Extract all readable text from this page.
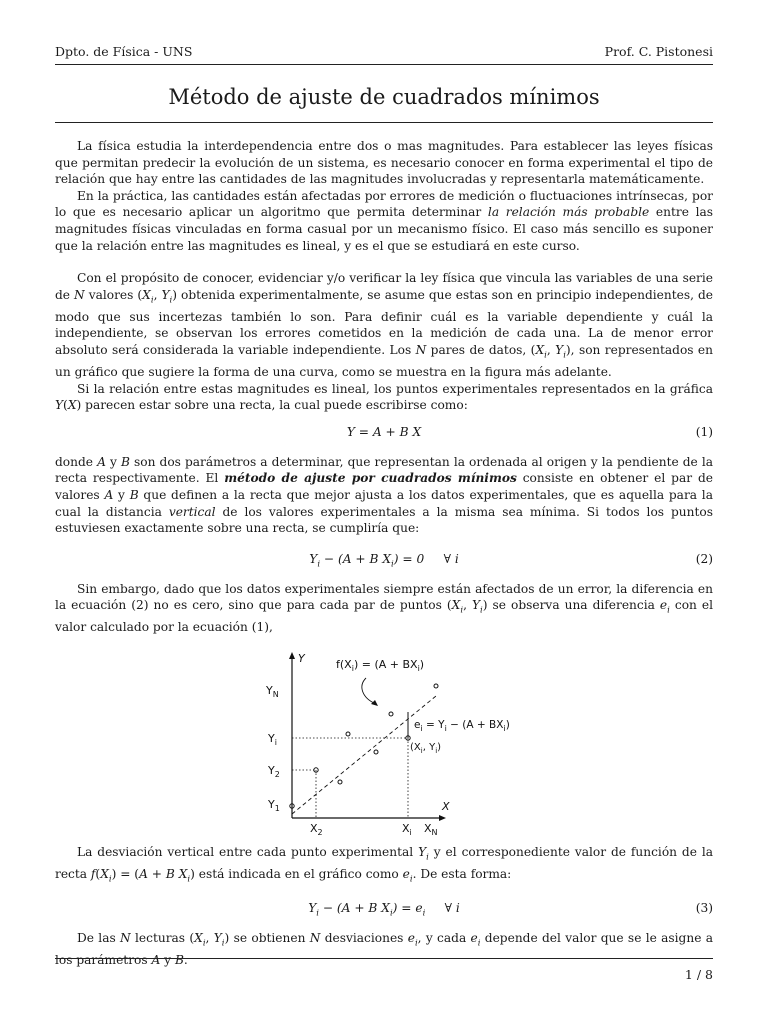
Dpto. de Física - UNS	Prof. C. Pistonesi
Método de ajuste de cuadrados mínimos

La física estudia la interdependencia entre dos o mas magnitudes. Para establecer las leyes físicas que permitan predecir la evolución de un sistema, es necesario conocer en forma experimental el tipo de relación que hay entre las cantidades de las magnitudes involucradas y representarla matemáticamente.

En la práctica, las cantidades están afectadas por errores de medición o fluctuaciones intrínsecas, por lo que es necesario aplicar un algoritmo que permita determinar la relación más probable entre las magnitudes físicas vinculadas en forma casual por un mecanismo físico. El caso más sencillo es suponer que la relación entre las magnitudes es lineal, y es el que se estudiará en este curso.

Con el propósito de conocer, evidenciar y/o verificar la ley física que vincula las variables de una serie de N valores ($X_i$, $Y_i$) obtenida experimentalmente, se asume que estas son en principio independientes, de modo que sus incertezas también lo son. Para definir cuál es la variable dependiente y cuál la independiente, se observan los errores cometidos en la medición de cada una. La de menor error absoluto será considerada la variable independiente. Los N pares de datos, ($X_i$, $Y_i$), son representados en un gráfico que sugiere la forma de una curva, como se muestra en la figura más adelante.

Si la relación entre estas magnitudes es lineal, los puntos experimentales representados en la gráfica Y(X) parecen estar sobre una recta, la cual puede escribirse como:

Y = A + B X	(1)

donde A y B son dos parámetros a determinar, que representan la ordenada al origen y la pendiente de la recta respectivamente. El método de ajuste por cuadrados mínimos consiste en obtener el par de valores A y B que definen a la recta que mejor ajusta a los datos experimentales, que es aquella para la cual la distancia vertical de los valores experimentales a la misma sea mínima. Si todos los puntos estuviesen exactamente sobre una recta, se cumpliría que:

$Y_i - (A + B$ $X_i) = 0$     ∀ i	(2)

Sin embargo, dado que los datos experimentales siempre están afectados de un error, la diferencia en la ecuación (2) no es cero, sino que para cada par de puntos ($X_i$, $Y_i$) se observa una diferencia $e_i$ con el valor calculado por la ecuación (1),

Y
X
$Y_N$
$Y_i$
$Y_2$
$Y_1$
$X_2$	$X_i$ $X_N$
$f(X_i) = (A + BX_i)$
$e_i = Y_i - (A + BX_i)$
($X_i$, $Y_i$)

La desviación vertical entre cada punto experimental $Y_i$ y el corresponediente valor de función de la recta $f(X_i) = (A + B$ $X_i$) está indicada en el gráfico como $e_i$. De esta forma:

$Y_i - (A + B$ $X_i) = e_i$     ∀ i	(3)

De las N lecturas ($X_i$, $Y_i$) se obtienen N desviaciones $e_i$, y cada $e_i$ depende del valor que se le asigne a los parámetros A y B.

1 / 8
